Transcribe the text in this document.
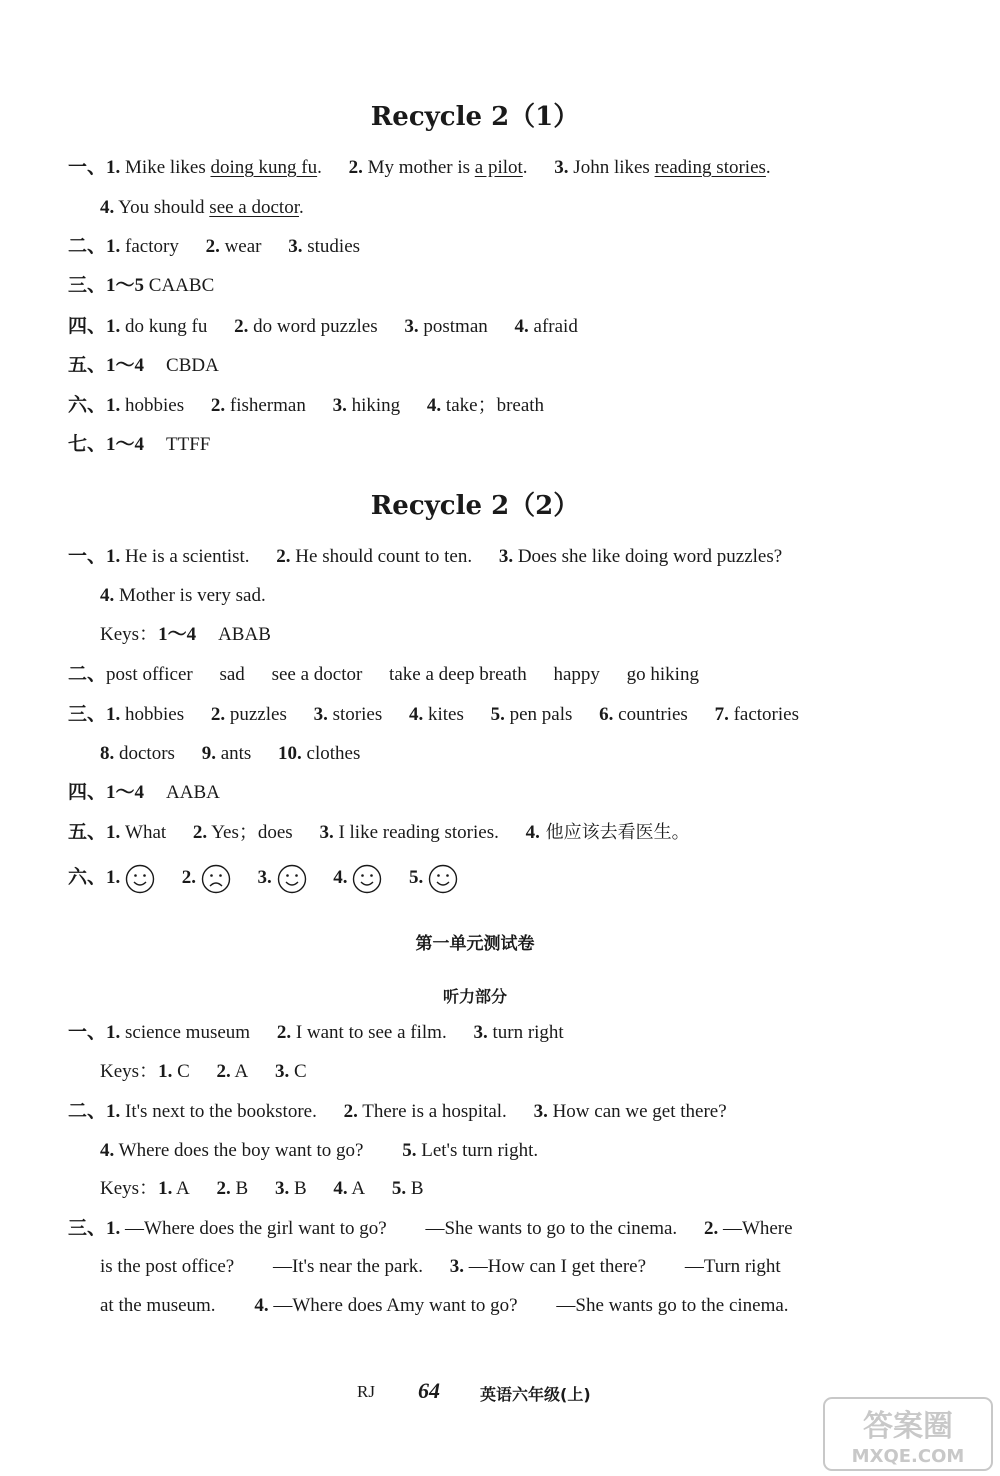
Recycle 2（1）
一、1. Mike likes doing kung fu. 2. My mother is a pilot. 3. John likes reading stories.
4. You should see a doctor.
二、1. factory 2. wear 3. studies
三、1～5 CAABC
四、1. do kung fu 2. do word puzzles 3. postman 4. afraid
五、1～4 CBDA
六、1. hobbies 2. fisherman 3. hiking 4. take；breath
七、1～4 TTFF
Recycle 2（2）
一、1. He is a scientist. 2. He should count to ten. 3. Does she like doing word puzzles?
4. Mother is very sad.
Keys：1～4 ABAB
二、post officer sad see a doctor take a deep breath happy go hiking
三、1. hobbies 2. puzzles 3. stories 4. kites 5. pen pals 6. countries 7. factories
8. doctors 9. ants 10. clothes
四、1～4 AABA
五、1. What 2. Yes；does 3. I like reading stories. 4. 他应该去看医生。
六、1.	2.	3.	4.	5.
第一单元测试卷
听力部分
一、1. science museum 2. I want to see a film. 3. turn right
Keys：1. C 2. A 3. C
二、1. It's next to the bookstore. 2. There is a hospital. 3. How can we get there?
4. Where does the boy want to go? 5. Let's turn right.
Keys：1. A 2. B 3. B 4. A 5. B
三、1. —Where does the girl want to go? —She wants to go to the cinema. 2. —Where
is the post office? —It's near the park. 3. —How can I get there? —Turn right
at the museum. 4. —Where does Amy want to go? —She wants go to the cinema.
RJ 64	英语六年级(上)
答案圈
MXQE.COM
